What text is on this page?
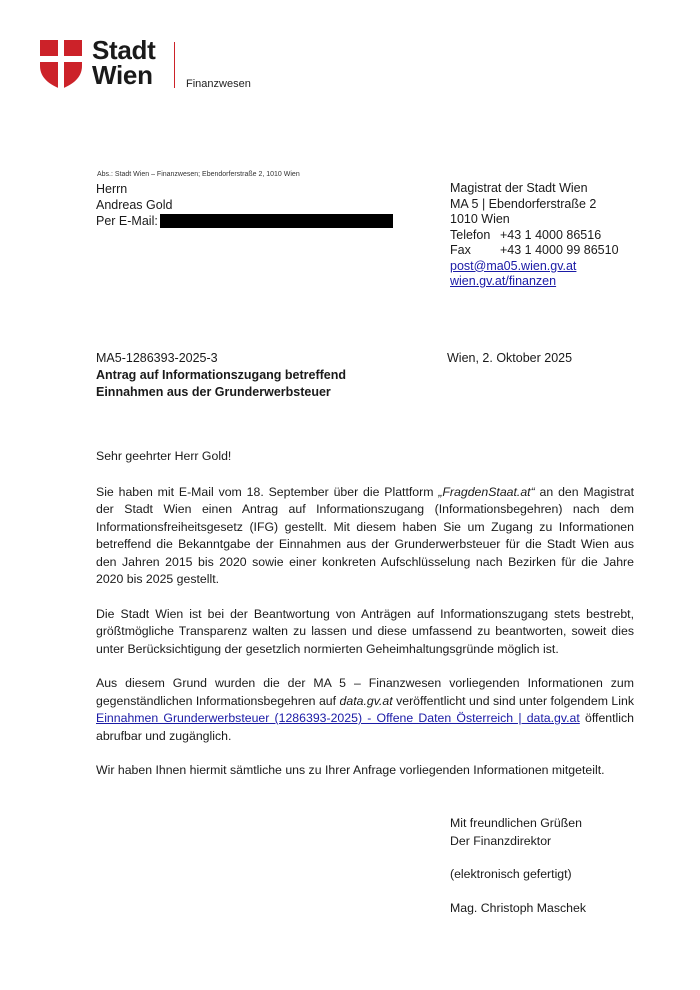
Stadt
Wien	Finanzwesen
Abs.: Stadt Wien – Finanzwesen; Ebendorferstraße 2, 1010 Wien
Herrn
Andreas Gold
Per E-Mail:
Magistrat der Stadt Wien
MA 5 | Ebendorferstraße 2
1010 Wien
Telefon +43 1 4000 86516
Fax +43 1 4000 99 86510
post@ma05.wien.gv.at
wien.gv.at/finanzen
MA5-1286393-2025-3	Wien, 2. Oktober 2025
Antrag auf Informationszugang betreffend
Einnahmen aus der Grunderwerbsteuer

Sehr geehrter Herr Gold!

Sie haben mit E-Mail vom 18. September über die Plattform „FragdenStaat.at“ an den Magistrat der Stadt Wien einen Antrag auf Informationszugang (Informationsbegehren) nach dem Informationsfreiheitsgesetz (IFG) gestellt. Mit diesem haben Sie um Zugang zu Informationen betreffend die Bekanntgabe der Einnahmen aus der Grunderwerbsteuer für die Stadt Wien aus den Jahren 2015 bis 2020 sowie einer konkreten Aufschlüsselung nach Bezirken für die Jahre 2020 bis 2025 gestellt.

Die Stadt Wien ist bei der Beantwortung von Anträgen auf Informationszugang stets bestrebt, größtmögliche Transparenz walten zu lassen und diese umfassend zu beantworten, soweit dies unter Berücksichtigung der gesetzlich normierten Geheimhaltungsgründe möglich ist.

Aus diesem Grund wurden die der MA 5 – Finanzwesen vorliegenden Informationen zum gegenständlichen Informationsbegehren auf data.gv.at veröffentlicht und sind unter folgendem Link Einnahmen Grunderwerbsteuer (1286393-2025) - Offene Daten Österreich | data.gv.at öffentlich abrufbar und zugänglich.

Wir haben Ihnen hiermit sämtliche uns zu Ihrer Anfrage vorliegenden Informationen mitgeteilt.

Mit freundlichen Grüßen
Der Finanzdirektor
(elektronisch gefertigt)
Mag. Christoph Maschek
